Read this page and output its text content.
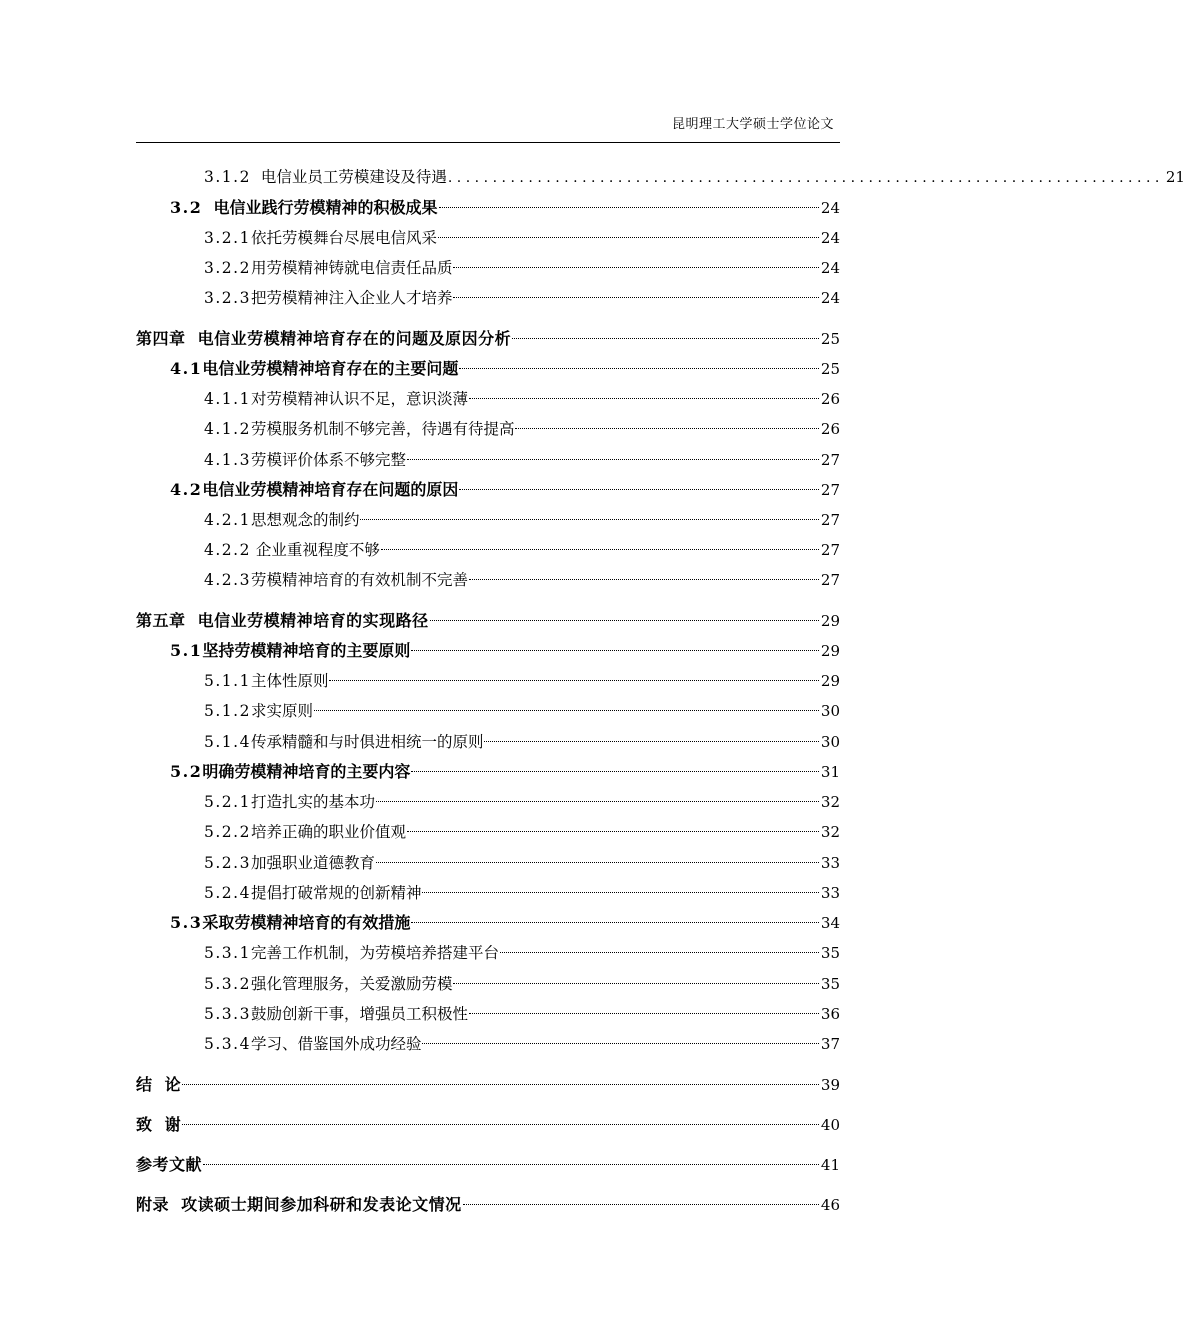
昆明理工大学硕士学位论文
3.1.2 电信业员工劳模建设及待遇 ................................................................................ 21
3.2 电信业践行劳模精神的积极成果	24
3.2.1依托劳模舞台尽展电信风采	24
3.2.2用劳模精神铸就电信责任品质	24
3.2.3把劳模精神注入企业人才培养	24
第四章 电信业劳模精神培育存在的问题及原因分析	25
4.1电信业劳模精神培育存在的主要问题	25
4.1.1对劳模精神认识不足，意识淡薄	26
4.1.2劳模服务机制不够完善，待遇有待提高	26
4.1.3劳模评价体系不够完整	27
4.2电信业劳模精神培育存在问题的原因	27
4.2.1思想观念的制约	27
4.2.2 企业重视程度不够	27
4.2.3劳模精神培育的有效机制不完善	27
第五章 电信业劳模精神培育的实现路径	29
5.1坚持劳模精神培育的主要原则	29
5.1.1主体性原则	29
5.1.2求实原则	30
5.1.4传承精髓和与时俱进相统一的原则	30
5.2明确劳模精神培育的主要内容	31
5.2.1打造扎实的基本功	32
5.2.2培养正确的职业价值观	32
5.2.3加强职业道德教育	33
5.2.4提倡打破常规的创新精神	33
5.3采取劳模精神培育的有效措施	34
5.3.1完善工作机制，为劳模培养搭建平台	35
5.3.2强化管理服务，关爱激励劳模	35
5.3.3鼓励创新干事，增强员工积极性	36
5.3.4学习、借鉴国外成功经验	37
结  论	39
致  谢	40
参考文献	41
附录 攻读硕士期间参加科研和发表论文情况	46
